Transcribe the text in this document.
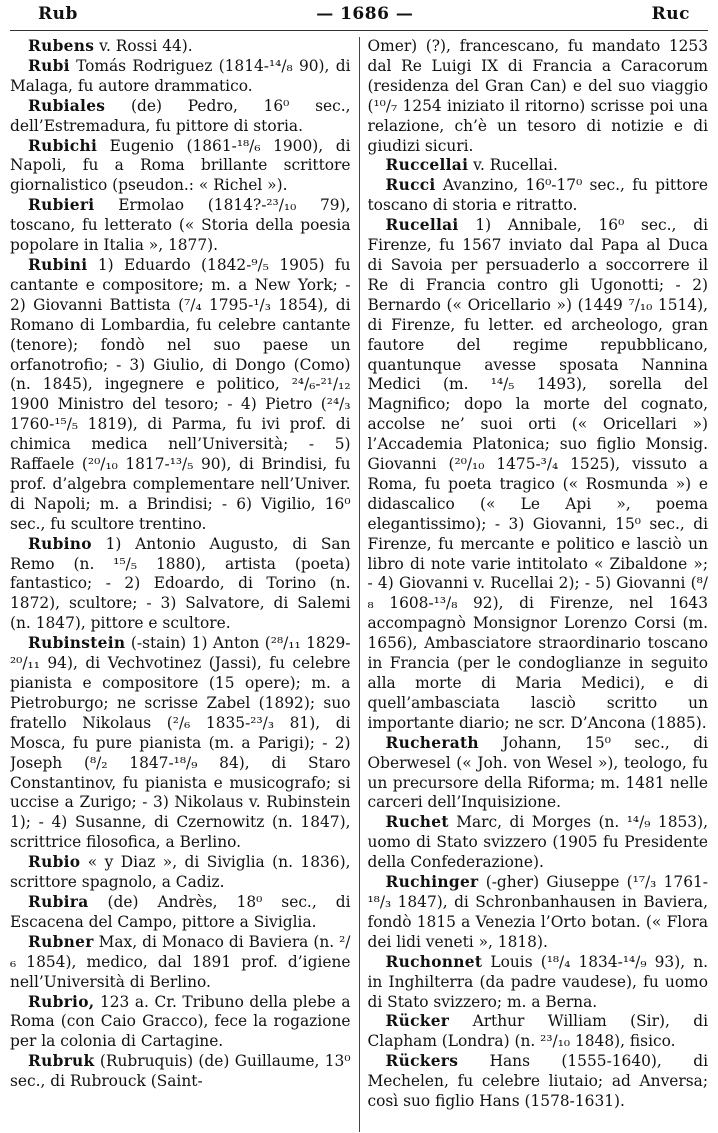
Rub	— 1686 —	Ruc

Rubens v. Rossi 44).

Rubi Tomás Rodriguez (1814-¹⁴/₈ 90), di Malaga, fu autore drammatico.

Rubiales (de) Pedro, 16⁰ sec., dell’Estremadura, fu pittore di storia.

Rubichi Eugenio (1861-¹⁸/₆ 1900), di Napoli, fu a Roma brillante scrittore giornalistico (pseudon.: « Richel »).

Rubieri Ermolao (1814?-²³/₁₀ 79), toscano, fu letterato (« Storia della poesia popolare in Italia », 1877).

Rubini 1) Eduardo (1842-⁹/₅ 1905) fu cantante e compositore; m. a New York; - 2) Giovanni Battista (⁷/₄ 1795-¹/₃ 1854), di Romano di Lombardia, fu celebre cantante (tenore); fondò nel suo paese un orfanotrofio; - 3) Giulio, di Dongo (Como) (n. 1845), ingegnere e politico, ²⁴/₆-²¹/₁₂ 1900 Ministro del tesoro; - 4) Pietro (²⁴/₃ 1760-¹⁵/₅ 1819), di Parma, fu ivi prof. di chimica medica nell’Università; - 5) Raffaele (²⁰/₁₀ 1817-¹³/₅ 90), di Brindisi, fu prof. d’algebra complementare nell’Univer. di Napoli; m. a Brindisi; - 6) Vigilio, 16⁰ sec., fu scultore trentino.

Rubino 1) Antonio Augusto, di San Remo (n. ¹⁵/₅ 1880), artista (poeta) fantastico; - 2) Edoardo, di Torino (n. 1872), scultore; - 3) Salvatore, di Salemi (n. 1847), pittore e scultore.

Rubinstein (-stain) 1) Anton (²⁸/₁₁ 1829-²⁰/₁₁ 94), di Vechvotinez (Jassi), fu celebre pianista e compositore (15 opere); m. a Pietroburgo; ne scrisse Zabel (1892); suo fratello Nikolaus (²/₆ 1835-²³/₃ 81), di Mosca, fu pure pianista (m. a Parigi); - 2) Joseph (⁸/₂ 1847-¹⁸/₉ 84), di Staro Constantinov, fu pianista e musicografo; si uccise a Zurigo; - 3) Nikolaus v. Rubinstein 1); - 4) Susanne, di Czernowitz (n. 1847), scrittrice filosofica, a Berlino.

Rubio « y Diaz », di Siviglia (n. 1836), scrittore spagnolo, a Cadiz.

Rubira (de) Andrès, 18⁰ sec., di Escacena del Campo, pittore a Siviglia.

Rubner Max, di Monaco di Baviera (n. ²/₆ 1854), medico, dal 1891 prof. d’igiene nell’Università di Berlino.

Rubrio, 123 a. Cr. Tribuno della plebe a Roma (con Caio Gracco), fece la rogazione per la colonia di Cartagine.

Rubruk (Rubruquis) (de) Guillaume, 13⁰ sec., di Rubrouck (Saint-

Omer) (?), francescano, fu mandato 1253 dal Re Luigi IX di Francia a Caracorum (residenza del Gran Can) e del suo viaggio (¹⁰/₇ 1254 iniziato il ritorno) scrisse poi una relazione, ch’è un tesoro di notizie e di giudizi sicuri.

Ruccellai v. Rucellai.

Rucci Avanzino, 16⁰-17⁰ sec., fu pittore toscano di storia e ritratto.

Rucellai 1) Annibale, 16⁰ sec., di Firenze, fu 1567 inviato dal Papa al Duca di Savoia per persuaderlo a soccorrere il Re di Francia contro gli Ugonotti; - 2) Bernardo (« Oricellario ») (1449 ⁷/₁₀ 1514), di Firenze, fu letter. ed archeologo, gran fautore del regime repubblicano, quantunque avesse sposata Nannina Medici (m. ¹⁴/₅ 1493), sorella del Magnifico; dopo la morte del cognato, accolse ne’ suoi orti (« Oricellari ») l’Accademia Platonica; suo figlio Monsig. Giovanni (²⁰/₁₀ 1475-³/₄ 1525), vissuto a Roma, fu poeta tragico (« Rosmunda ») e didascalico (« Le Api », poema elegantissimo); - 3) Giovanni, 15⁰ sec., di Firenze, fu mercante e politico e lasciò un libro di note varie intitolato « Zibaldone »; - 4) Giovanni v. Rucellai 2); - 5) Giovanni (⁸/₈ 1608-¹³/₈ 92), di Firenze, nel 1643 accompagnò Monsignor Lorenzo Corsi (m. 1656), Ambasciatore straordinario toscano in Francia (per le condoglianze in seguito alla morte di Maria Medici), e di quell’ambasciata lasciò scritto un importante diario; ne scr. D’Ancona (1885).

Rucherath Johann, 15⁰ sec., di Oberwesel (« Joh. von Wesel »), teologo, fu un precursore della Riforma; m. 1481 nelle carceri dell’Inquisizione.

Ruchet Marc, di Morges (n. ¹⁴/₉ 1853), uomo di Stato svizzero (1905 fu Presidente della Confederazione).

Ruchinger (-gher) Giuseppe (¹⁷/₃ 1761-¹⁸/₃ 1847), di Schronbanhausen in Baviera, fondò 1815 a Venezia l’Orto botan. (« Flora dei lidi veneti », 1818).

Ruchonnet Louis (¹⁸/₄ 1834-¹⁴/₉ 93), n. in Inghilterra (da padre vaudese), fu uomo di Stato svizzero; m. a Berna.

Rücker Arthur William (Sir), di Clapham (Londra) (n. ²³/₁₀ 1848), fisico.

Rückers Hans (1555-1640), di Mechelen, fu celebre liutaio; ad Anversa; così suo figlio Hans (1578-1631).
